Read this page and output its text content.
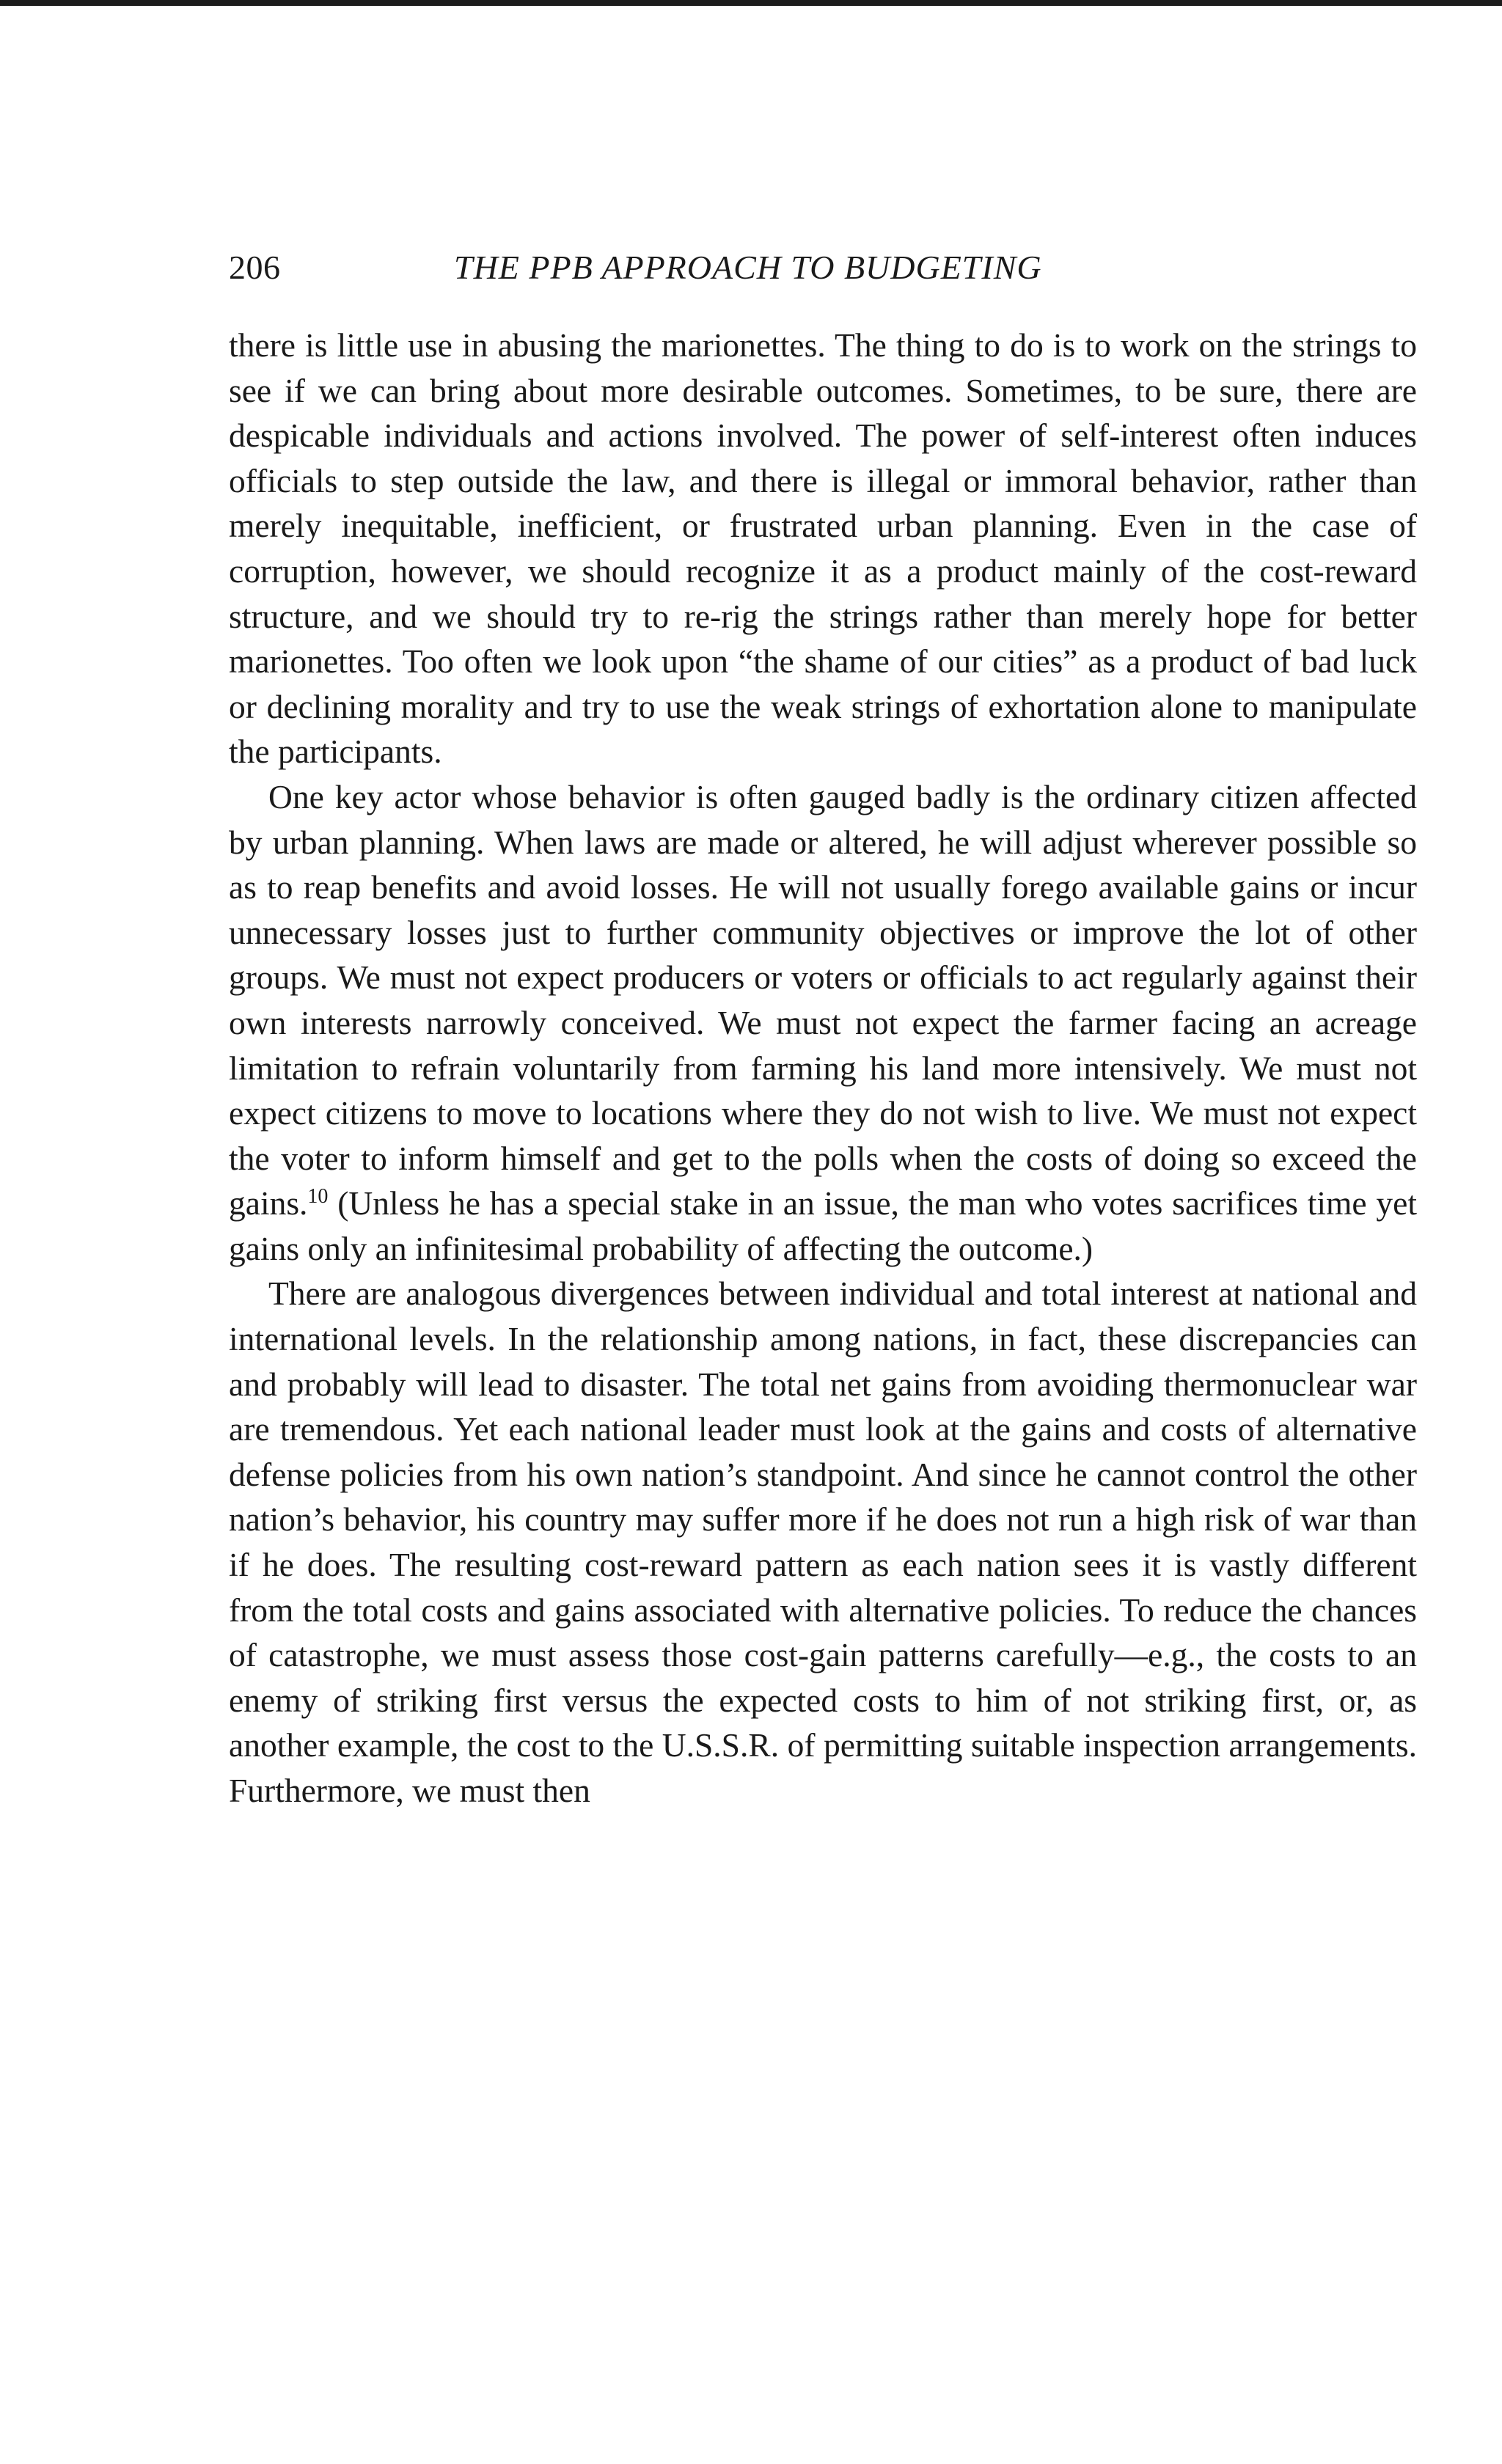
206	THE PPB APPROACH TO BUDGETING

there is little use in abusing the marionettes. The thing to do is to work on the strings to see if we can bring about more desirable outcomes. Sometimes, to be sure, there are despicable individuals and actions involved. The power of self-interest often induces officials to step outside the law, and there is illegal or immoral behavior, rather than merely inequitable, inefficient, or frustrated urban planning. Even in the case of corruption, however, we should recognize it as a product mainly of the cost-reward structure, and we should try to re-rig the strings rather than merely hope for better marionettes. Too often we look upon “the shame of our cities” as a product of bad luck or declining morality and try to use the weak strings of exhortation alone to manipulate the participants.

One key actor whose behavior is often gauged badly is the ordinary citizen affected by urban planning. When laws are made or altered, he will adjust wherever possible so as to reap benefits and avoid losses. He will not usually forego available gains or incur unnecessary losses just to further community objectives or improve the lot of other groups. We must not expect producers or voters or officials to act regularly against their own interests narrowly conceived. We must not expect the farmer facing an acreage limitation to refrain voluntarily from farming his land more intensively. We must not expect citizens to move to locations where they do not wish to live. We must not expect the voter to inform himself and get to the polls when the costs of doing so exceed the gains.$^{10}$ (Unless he has a special stake in an issue, the man who votes sacrifices time yet gains only an infinitesimal probability of affecting the outcome.)

There are analogous divergences between individual and total interest at national and international levels. In the relationship among nations, in fact, these discrepancies can and probably will lead to disaster. The total net gains from avoiding thermonuclear war are tremendous. Yet each national leader must look at the gains and costs of alternative defense policies from his own nation’s standpoint. And since he cannot control the other nation’s behavior, his country may suffer more if he does not run a high risk of war than if he does. The resulting cost-reward pattern as each nation sees it is vastly different from the total costs and gains associated with alternative policies. To reduce the chances of catastrophe, we must assess those cost-gain patterns carefully—e.g., the costs to an enemy of striking first versus the expected costs to him of not striking first, or, as another example, the cost to the U.S.S.R. of permitting suitable inspection arrangements. Furthermore, we must then
